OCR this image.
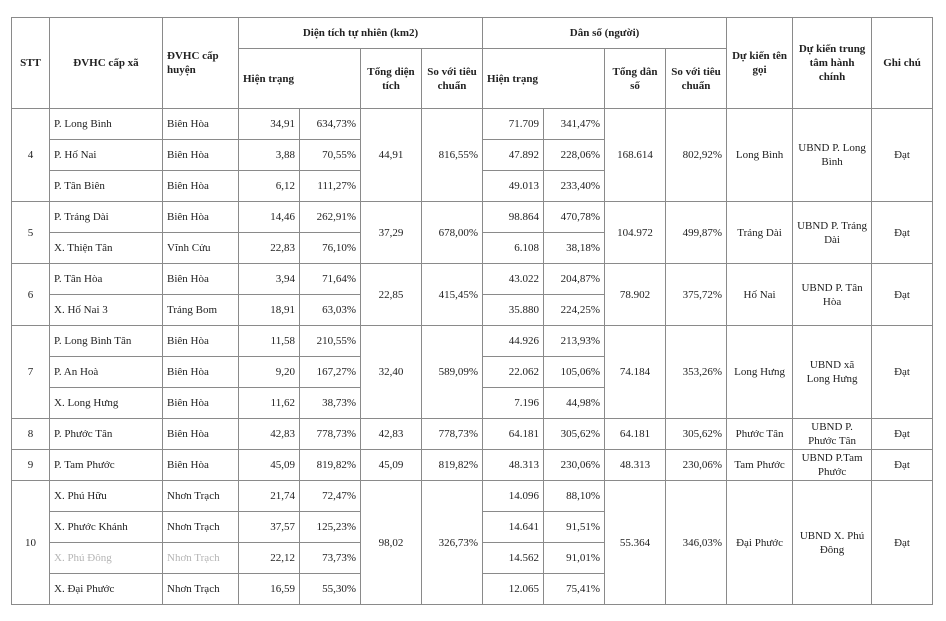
STT	ĐVHC cấp xã	ĐVHC cấp huyện	Diện tích tự nhiên (km2)				Dân số (người)				Dự kiến tên gọi	Dự kiến trung tâm hành chính	Ghi chú
			Hiện trạng		Tổng diện tích	So với tiêu chuẩn	Hiện trạng		Tổng dân số	So với tiêu chuẩn			
4	P. Long Bình	Biên Hòa	34,91	634,73%	44,91	816,55%	71.709	341,47%	168.614	802,92%	Long Bình	UBND P. Long Bình	Đạt
	P. Hố Nai	Biên Hòa	3,88	70,55%			47.892	228,06%					
	P. Tân Biên	Biên Hòa	6,12	111,27%			49.013	233,40%					
5	P. Trảng Dài	Biên Hòa	14,46	262,91%	37,29	678,00%	98.864	470,78%	104.972	499,87%	Trảng Dài	UBND P. Trảng Dài	Đạt
	X. Thiện Tân	Vĩnh Cửu	22,83	76,10%			6.108	38,18%					
6	P. Tân Hòa	Biên Hòa	3,94	71,64%	22,85	415,45%	43.022	204,87%	78.902	375,72%	Hố Nai	UBND P. Tân Hòa	Đạt
	X. Hố Nai 3	Trảng Bom	18,91	63,03%			35.880	224,25%					
7	P. Long Bình Tân	Biên Hòa	11,58	210,55%	32,40	589,09%	44.926	213,93%	74.184	353,26%	Long Hưng	UBND xã Long Hưng	Đạt
	P. An Hoà	Biên Hòa	9,20	167,27%			22.062	105,06%					
	X. Long Hưng	Biên Hòa	11,62	38,73%			7.196	44,98%					
8	P. Phước Tân	Biên Hòa	42,83	778,73%	42,83	778,73%	64.181	305,62%	64.181	305,62%	Phước Tân	UBND P. Phước Tân	Đạt
9	P. Tam Phước	Biên Hòa	45,09	819,82%	45,09	819,82%	48.313	230,06%	48.313	230,06%	Tam Phước	UBND P.Tam Phước	Đạt
10	X. Phú Hữu	Nhơn Trạch	21,74	72,47%	98,02	326,73%	14.096	88,10%	55.364	346,03%	Đại Phước	UBND X. Phú Đông	Đạt
	X. Phước Khánh	Nhơn Trạch	37,57	125,23%			14.641	91,51%					
	X. Phú Đông	Nhơn Trạch	22,12	73,73%			14.562	91,01%					
	X. Đại Phước	Nhơn Trạch	16,59	55,30%			12.065	75,41%					
